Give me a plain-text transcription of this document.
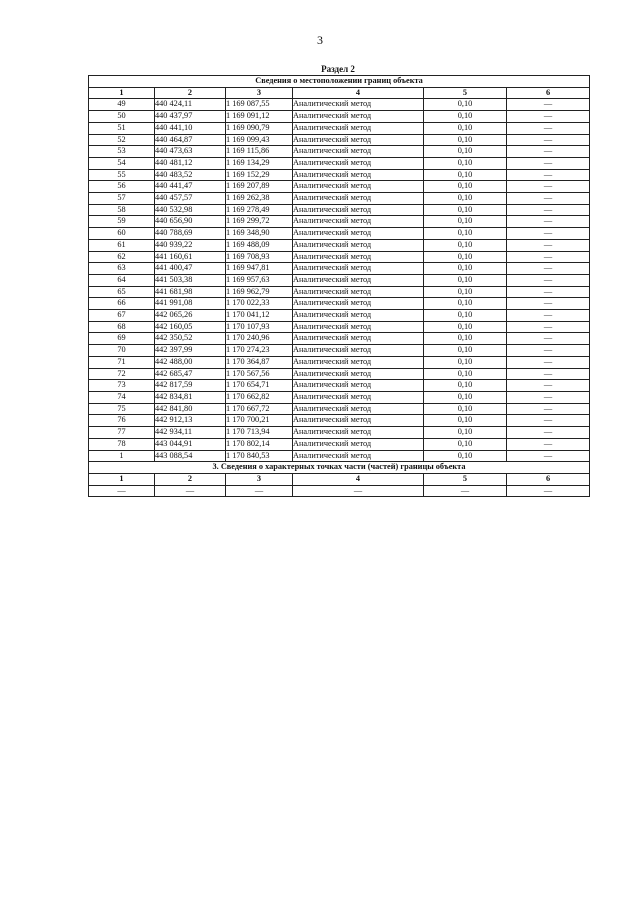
3
Раздел 2
Сведения о местоположении границ объекта					
1	2	3	4	5	6
49	440 424,11	1 169 087,55	Аналитический метод	0,10	—
50	440 437,97	1 169 091,12	Аналитический метод	0,10	—
51	440 441,10	1 169 090,79	Аналитический метод	0,10	—
52	440 464,87	1 169 099,43	Аналитический метод	0,10	—
53	440 473,63	1 169 115,86	Аналитический метод	0,10	—
54	440 481,12	1 169 134,29	Аналитический метод	0,10	—
55	440 483,52	1 169 152,29	Аналитический метод	0,10	—
56	440 441,47	1 169 207,89	Аналитический метод	0,10	—
57	440 457,57	1 169 262,38	Аналитический метод	0,10	—
58	440 532,98	1 169 278,49	Аналитический метод	0,10	—
59	440 656,90	1 169 299,72	Аналитический метод	0,10	—
60	440 788,69	1 169 348,90	Аналитический метод	0,10	—
61	440 939,22	1 169 488,09	Аналитический метод	0,10	—
62	441 160,61	1 169 708,93	Аналитический метод	0,10	—
63	441 400,47	1 169 947,81	Аналитический метод	0,10	—
64	441 503,38	1 169 957,63	Аналитический метод	0,10	—
65	441 681,98	1 169 962,79	Аналитический метод	0,10	—
66	441 991,08	1 170 022,33	Аналитический метод	0,10	—
67	442 065,26	1 170 041,12	Аналитический метод	0,10	—
68	442 160,05	1 170 107,93	Аналитический метод	0,10	—
69	442 350,52	1 170 240,96	Аналитический метод	0,10	—
70	442 397,99	1 170 274,23	Аналитический метод	0,10	—
71	442 488,00	1 170 364,87	Аналитический метод	0,10	—
72	442 685,47	1 170 567,56	Аналитический метод	0,10	—
73	442 817,59	1 170 654,71	Аналитический метод	0,10	—
74	442 834,81	1 170 662,82	Аналитический метод	0,10	—
75	442 841,80	1 170 667,72	Аналитический метод	0,10	—
76	442 912,13	1 170 700,21	Аналитический метод	0,10	—
77	442 934,11	1 170 713,94	Аналитический метод	0,10	—
78	443 044,91	1 170 802,14	Аналитический метод	0,10	—
1	443 088,54	1 170 840,53	Аналитический метод	0,10	—
3. Сведения о характерных точках части (частей) границы объекта					
1	2	3	4	5	6
—	—	—	—	—	—
